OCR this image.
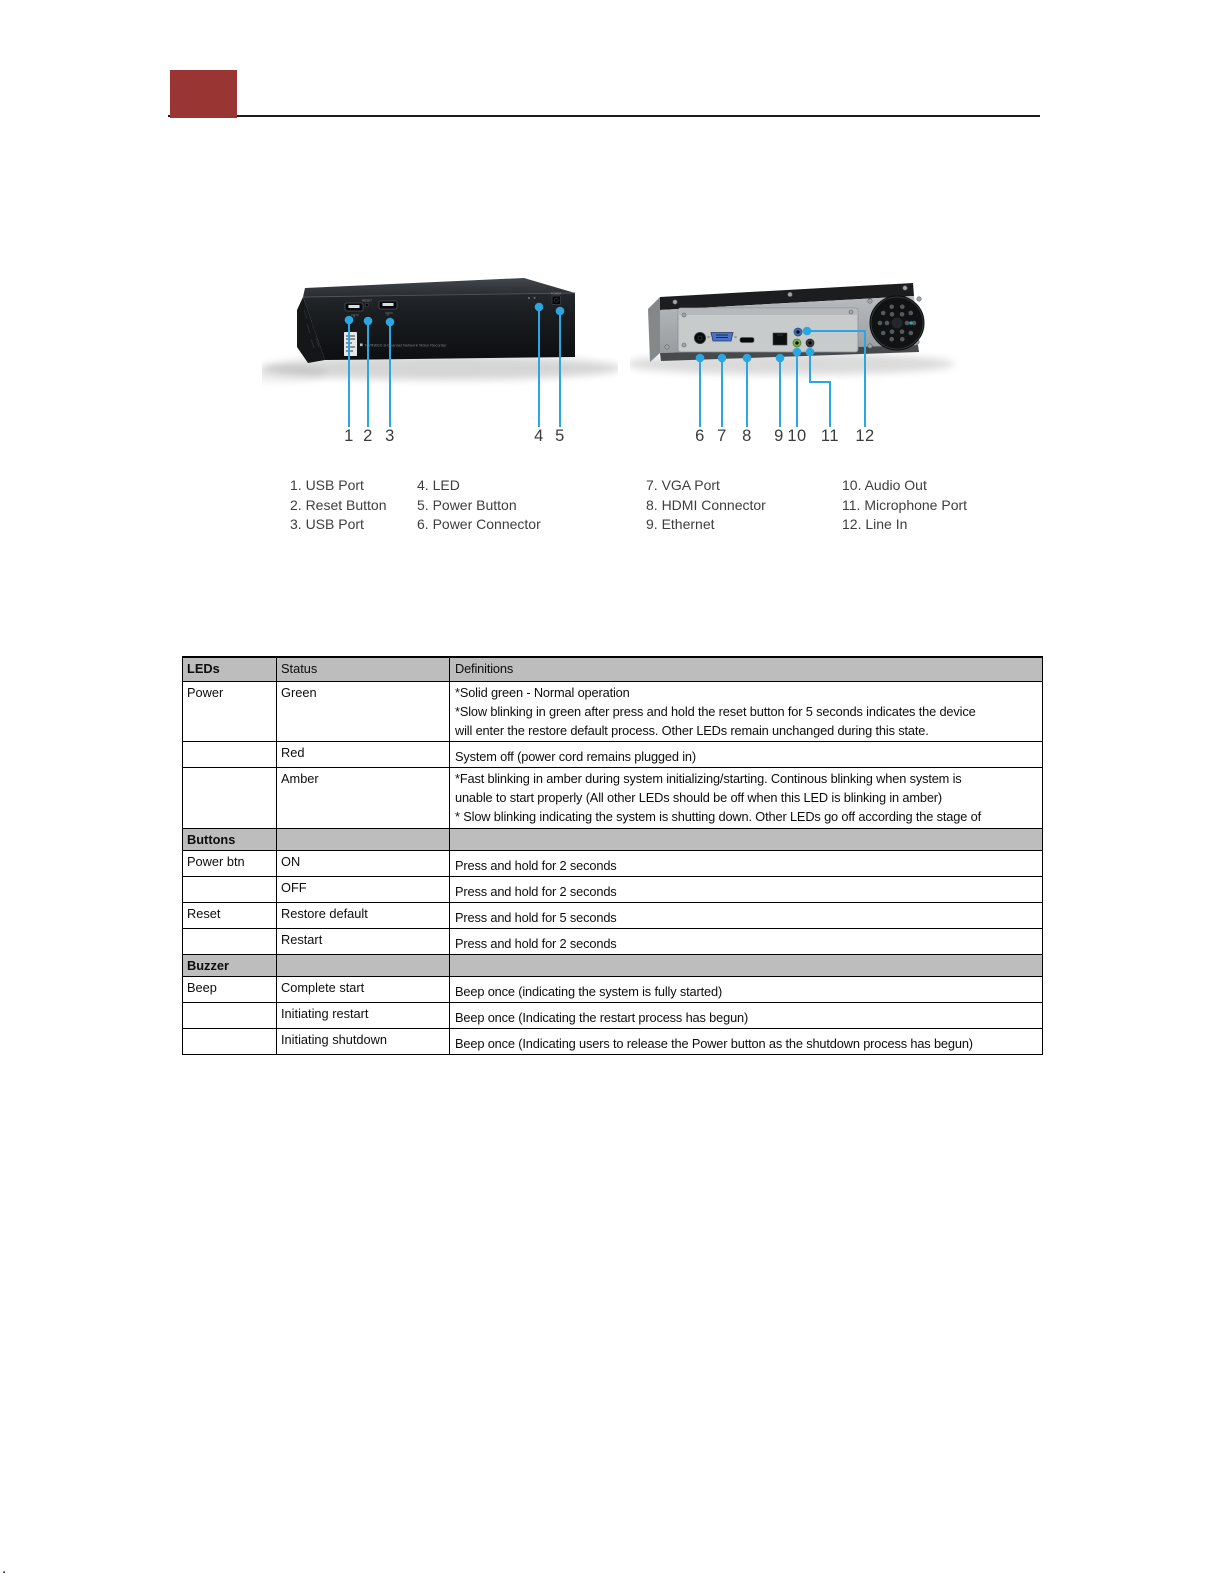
RESET
NVR8010 8-Channel Network Video Recorder
POWER
1 2 3	4 5	6 7 8 9 10 11 12
1. USB Port
2. Reset Button
3. USB Port
4. LED
5. Power Button
6. Power Connector
7. VGA Port
8. HDMI Connector
9. Ethernet
10. Audio Out
11. Microphone Port
12. Line In
LEDs	Status	Definitions
Power	Green	*Solid green - Normal operation
*Slow blinking in green after press and hold the reset button for 5 seconds indicates the device
will enter the restore default process. Other LEDs remain unchanged during this state.

	Red	System off (power cord remains plugged in)

	Amber	*Fast blinking in amber during system initializing/starting. Continous blinking when system is
unable to start properly (All other LEDs should be off when this LED is blinking in amber)
* Slow blinking indicating the system is shutting down. Other LEDs go off according the stage of

Buttons		
Power btn	ON	Press and hold for 2 seconds

	OFF	Press and hold for 2 seconds

Reset	Restore default	Press and hold for 5 seconds

	Restart	Press and hold for 2 seconds

Buzzer		
Beep	Complete start	Beep once (indicating the system is fully started)

	Initiating restart	Beep once (Indicating the restart process has begun)

	Initiating shutdown	Beep once (Indicating users to release the Power button as the shutdown process has begun)
.
